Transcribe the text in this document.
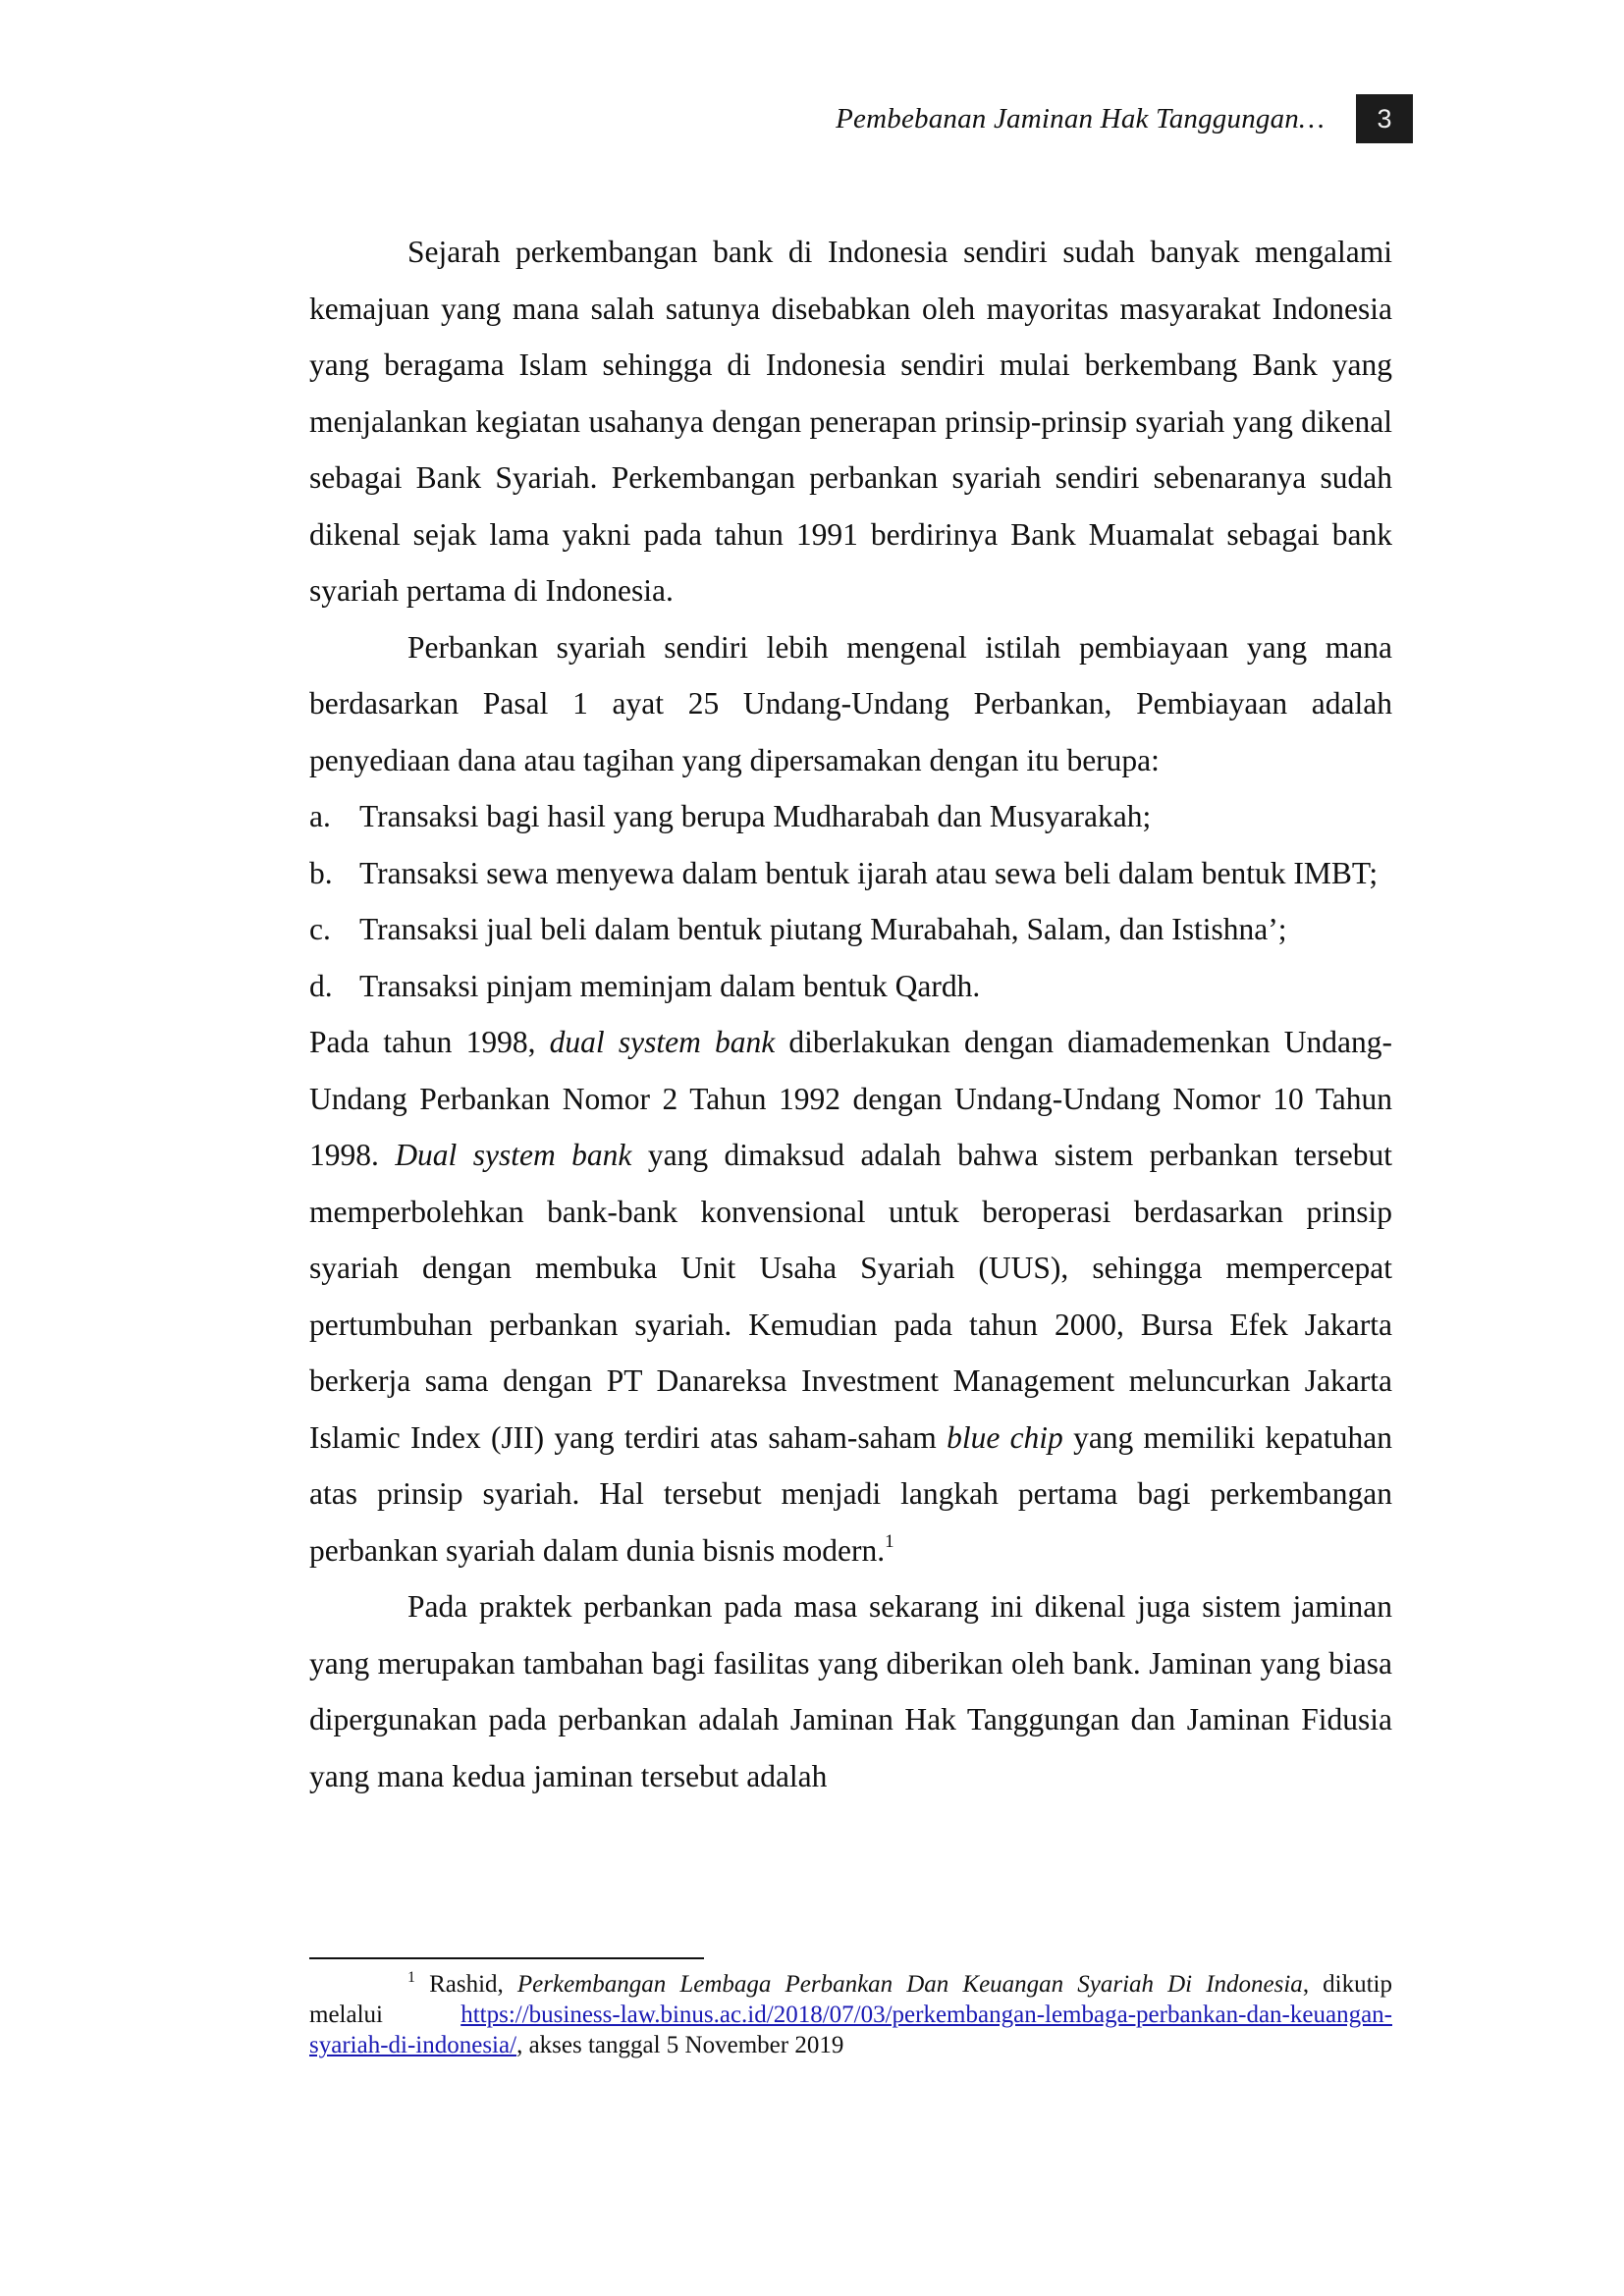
Pembebanan Jaminan Hak Tanggungan…	3

Sejarah perkembangan bank di Indonesia sendiri sudah banyak mengalami kemajuan yang mana salah satunya disebabkan oleh mayoritas masyarakat Indonesia yang beragama Islam sehingga di Indonesia sendiri mulai berkembang Bank yang menjalankan kegiatan usahanya dengan penerapan prinsip-prinsip syariah yang dikenal sebagai Bank Syariah. Perkembangan perbankan syariah sendiri sebenaranya sudah dikenal sejak lama yakni pada tahun 1991 berdirinya Bank Muamalat sebagai bank syariah pertama di Indonesia.

Perbankan syariah sendiri lebih mengenal istilah pembiayaan yang mana berdasarkan Pasal 1 ayat 25 Undang-Undang Perbankan, Pembiayaan adalah penyediaan dana atau tagihan yang dipersamakan dengan itu berupa:

a. Transaksi bagi hasil yang berupa Mudharabah dan Musyarakah;
b. Transaksi sewa menyewa dalam bentuk ijarah atau sewa beli dalam bentuk IMBT;
c. Transaksi jual beli dalam bentuk piutang Murabahah, Salam, dan Istishna’;
d. Transaksi pinjam meminjam dalam bentuk Qardh.

Pada tahun 1998, dual system bank diberlakukan dengan diamademenkan Undang-Undang Perbankan Nomor 2 Tahun 1992 dengan Undang-Undang Nomor 10 Tahun 1998. Dual system bank yang dimaksud adalah bahwa sistem perbankan tersebut memperbolehkan bank-bank konvensional untuk beroperasi berdasarkan prinsip syariah dengan membuka Unit Usaha Syariah (UUS), sehingga mempercepat pertumbuhan perbankan syariah. Kemudian pada tahun 2000, Bursa Efek Jakarta berkerja sama dengan PT Danareksa Investment Management meluncurkan Jakarta Islamic Index (JII) yang terdiri atas saham-saham blue chip yang memiliki kepatuhan atas prinsip syariah. Hal tersebut menjadi langkah pertama bagi perkembangan perbankan syariah dalam dunia bisnis modern.$^1$

Pada praktek perbankan pada masa sekarang ini dikenal juga sistem jaminan yang merupakan tambahan bagi fasilitas yang diberikan oleh bank. Jaminan yang biasa dipergunakan pada perbankan adalah Jaminan Hak Tanggungan dan Jaminan Fidusia yang mana kedua jaminan tersebut adalah

$^1$ Rashid, Perkembangan Lembaga Perbankan Dan Keuangan Syariah Di Indonesia, dikutip melalui https://business-law.binus.ac.id/2018/07/03/perkembangan-lembaga-perbankan-dan-keuangan-syariah-di-indonesia/, akses tanggal 5 November 2019
